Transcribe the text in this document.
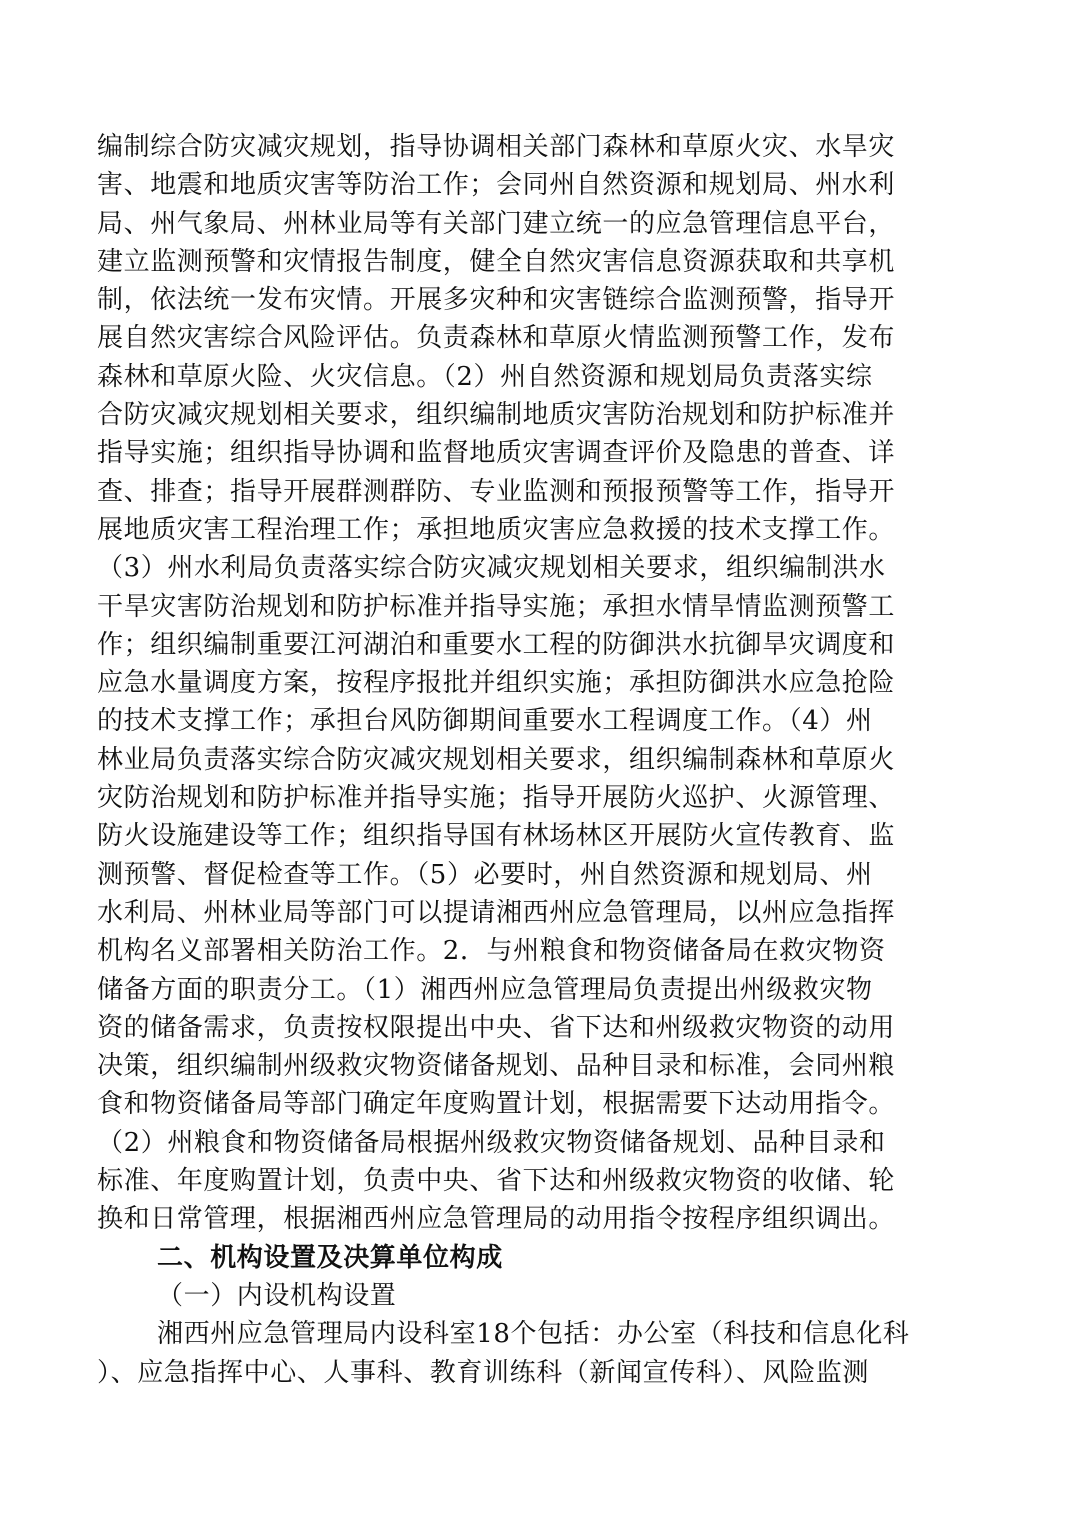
编制综合防灾减灾规划，指导协调相关部门森林和草原火灾、水旱灾
害、地震和地质灾害等防治工作；会同州自然资源和规划局、州水利
局、州气象局、州林业局等有关部门建立统一的应急管理信息平台，
建立监测预警和灾情报告制度，健全自然灾害信息资源获取和共享机
制，依法统一发布灾情。开展多灾种和灾害链综合监测预警，指导开
展自然灾害综合风险评估。负责森林和草原火情监测预警工作，发布
森林和草原火险、火灾信息。（2）州自然资源和规划局负责落实综
合防灾减灾规划相关要求，组织编制地质灾害防治规划和防护标准并
指导实施；组织指导协调和监督地质灾害调查评价及隐患的普查、详
查、排查；指导开展群测群防、专业监测和预报预警等工作，指导开
展地质灾害工程治理工作；承担地质灾害应急救援的技术支撑工作。
（3）州水利局负责落实综合防灾减灾规划相关要求，组织编制洪水
干旱灾害防治规划和防护标准并指导实施；承担水情旱情监测预警工
作；组织编制重要江河湖泊和重要水工程的防御洪水抗御旱灾调度和
应急水量调度方案，按程序报批并组织实施；承担防御洪水应急抢险
的技术支撑工作；承担台风防御期间重要水工程调度工作。（4）州
林业局负责落实综合防灾减灾规划相关要求，组织编制森林和草原火
灾防治规划和防护标准并指导实施；指导开展防火巡护、火源管理、
防火设施建设等工作；组织指导国有林场林区开展防火宣传教育、监
测预警、督促检查等工作。（5）必要时，州自然资源和规划局、州
水利局、州林业局等部门可以提请湘西州应急管理局，以州应急指挥
机构名义部署相关防治工作。2．与州粮食和物资储备局在救灾物资
储备方面的职责分工。（1）湘西州应急管理局负责提出州级救灾物
资的储备需求，负责按权限提出中央、省下达和州级救灾物资的动用
决策，组织编制州级救灾物资储备规划、品种目录和标准，会同州粮
食和物资储备局等部门确定年度购置计划，根据需要下达动用指令。
（2）州粮食和物资储备局根据州级救灾物资储备规划、品种目录和
标准、年度购置计划，负责中央、省下达和州级救灾物资的收储、轮
换和日常管理，根据湘西州应急管理局的动用指令按程序组织调出。
二、机构设置及决算单位构成
（一）内设机构设置
湘西州应急管理局内设科室18个包括：办公室（科技和信息化科
）、应急指挥中心、人事科、教育训练科（新闻宣传科）、风险监测
